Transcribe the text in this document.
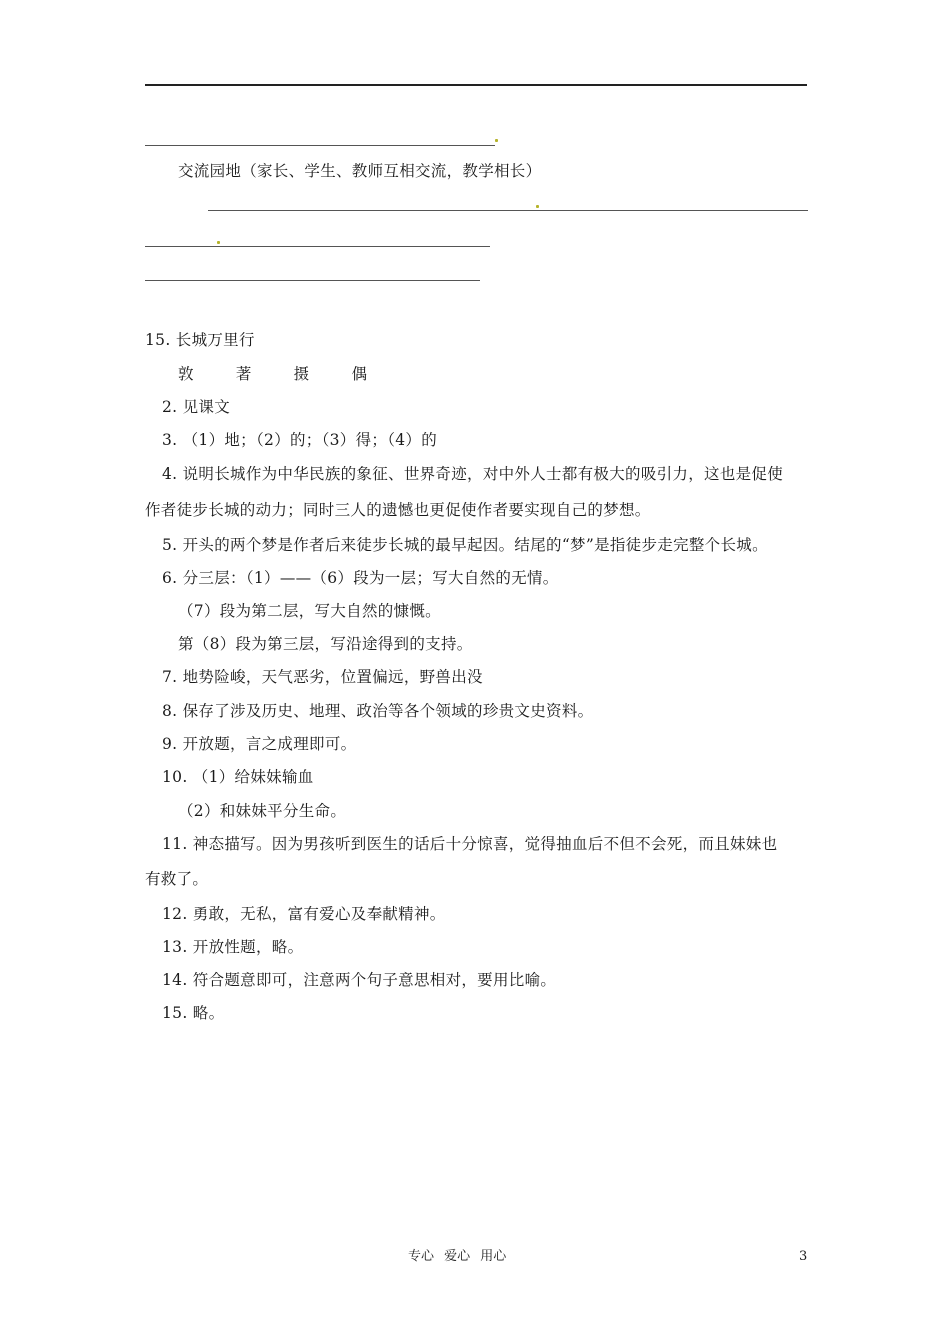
交流园地（家长、学生、教师互相交流，教学相长）
15. 长城万里行
敦	著	摄	偶
2. 见课文
3. （1）地；（2）的；（3）得；（4）的
4. 说明长城作为中华民族的象征、世界奇迹，对中外人士都有极大的吸引力，这也是促使
作者徒步长城的动力；同时三人的遗憾也更促使作者要实现自己的梦想。
5. 开头的两个梦是作者后来徒步长城的最早起因。结尾的“梦”是指徒步走完整个长城。
6. 分三层：（1）——（6）段为一层；写大自然的无情。
（7）段为第二层，写大自然的慷慨。
第（8）段为第三层，写沿途得到的支持。
7. 地势险峻，天气恶劣，位置偏远，野兽出没
8. 保存了涉及历史、地理、政治等各个领域的珍贵文史资料。
9. 开放题，言之成理即可。
10. （1）给妹妹输血
（2）和妹妹平分生命。
11. 神态描写。因为男孩听到医生的话后十分惊喜，觉得抽血后不但不会死，而且妹妹也
有救了。
12. 勇敢，无私，富有爱心及奉献精神。
13. 开放性题，略。
14. 符合题意即可，注意两个句子意思相对，要用比喻。
15. 略。
专心 爱心 用心	3
